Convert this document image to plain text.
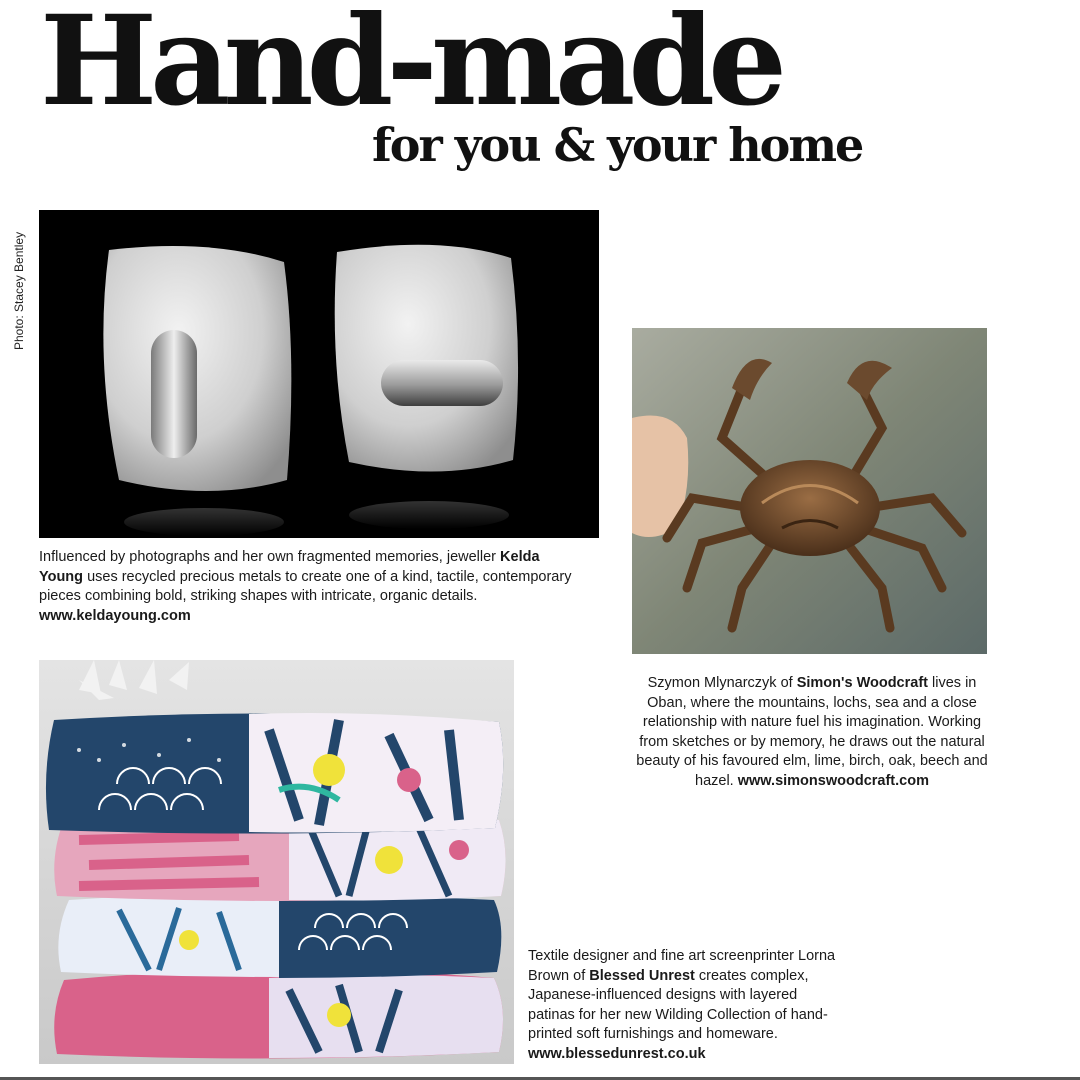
Hand-made
for you & your home
Photo: Stacey Bentley
Influenced by photographs and her own fragmented memories, jeweller Kelda Young uses recycled precious metals to create one of a kind, tactile, contemporary pieces combining bold, striking shapes with intricate, organic details. www.keldayoung.com
Szymon Mlynarczyk of Simon's Woodcraft lives in Oban, where the mountains, lochs, sea and a close relationship with nature fuel his imagination. Working from sketches or by memory, he draws out the natural beauty of his favoured elm, lime, birch, oak, beech and hazel. www.simonswoodcraft.com
Textile designer and fine art screenprinter Lorna Brown of Blessed Unrest creates complex, Japanese-influenced designs with layered patinas for her new Wilding Collection of hand-printed soft furnishings and homeware. www.blessedunrest.co.uk
